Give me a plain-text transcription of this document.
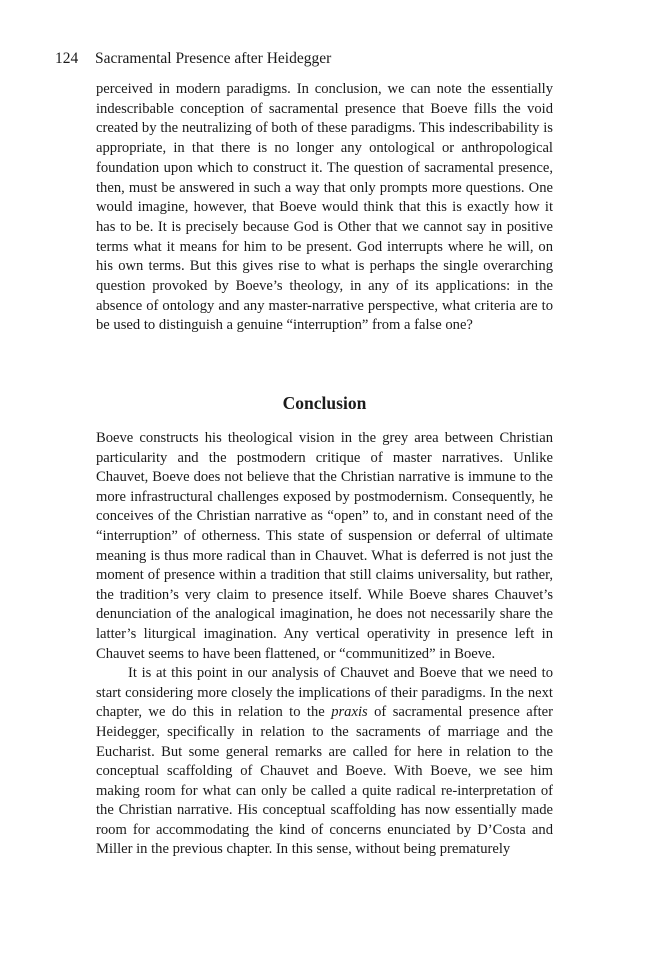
124 Sacramental Presence after Heidegger

perceived in modern paradigms. In conclusion, we can note the essentially indescribable conception of sacramental presence that Boeve fills the void created by the neutralizing of both of these paradigms. This indescribability is appropriate, in that there is no longer any ontological or anthropological foundation upon which to construct it. The question of sacramental presence, then, must be answered in such a way that only prompts more questions. One would imagine, however, that Boeve would think that this is exactly how it has to be. It is precisely because God is Other that we cannot say in positive terms what it means for him to be present. God interrupts where he will, on his own terms. But this gives rise to what is perhaps the single overarching question provoked by Boeve’s theology, in any of its applications: in the absence of ontology and any master-narrative perspective, what criteria are to be used to distinguish a genuine “interruption” from a false one?

Conclusion

Boeve constructs his theological vision in the grey area between Christian particularity and the postmodern critique of master narratives. Unlike Chauvet, Boeve does not believe that the Christian narrative is immune to the more infrastructural challenges exposed by postmodernism. Consequently, he conceives of the Christian narrative as “open” to, and in constant need of the “interruption” of otherness. This state of suspension or deferral of ultimate meaning is thus more radical than in Chauvet. What is deferred is not just the moment of presence within a tradition that still claims universality, but rather, the tradition’s very claim to presence itself. While Boeve shares Chauvet’s denunciation of the analogical imagination, he does not necessarily share the latter’s liturgical imagination. Any vertical operativity in presence left in Chauvet seems to have been flattened, or “communitized” in Boeve.

It is at this point in our analysis of Chauvet and Boeve that we need to start considering more closely the implications of their paradigms. In the next chapter, we do this in relation to the praxis of sacramental presence after Heidegger, specifically in relation to the sacraments of marriage and the Eucharist. But some general remarks are called for here in relation to the conceptual scaffolding of Chauvet and Boeve. With Boeve, we see him making room for what can only be called a quite radical re-interpretation of the Christian narrative. His conceptual scaffolding has now essentially made room for accommodating the kind of concerns enunciated by D’Costa and Miller in the previous chapter. In this sense, without being prematurely
